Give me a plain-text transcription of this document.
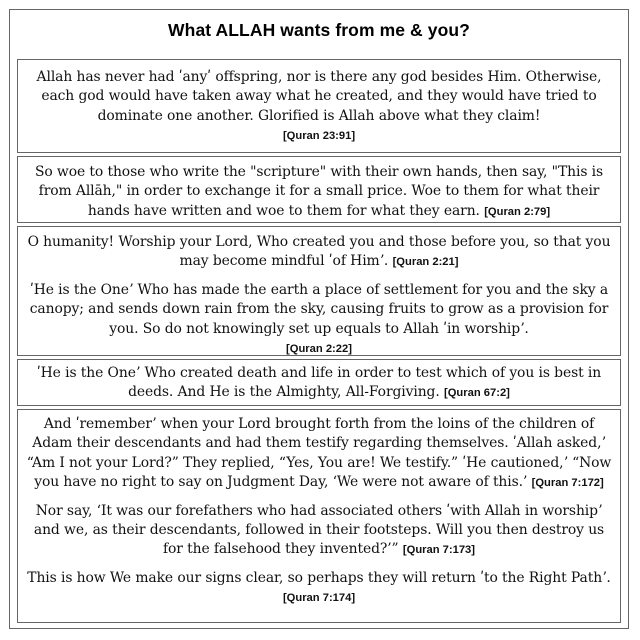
What ALLAH wants from me & you?

Allah has never had ʹanyʹ offspring, nor is there any god besides Him. Otherwise, each god would have taken away what he created, and they would have tried to dominate one another. Glorified is Allah above what they claim!
[Quran 23:91]

So woe to those who write the "scripture" with their own hands, then say, "This is from Allāh," in order to exchange it for a small price. Woe to them for what their hands have written and woe to them for what they earn. [Quran 2:79]

O humanity! Worship your Lord, Who created you and those before you, so that you may become mindful ʹof Himʼ. [Quran 2:21]

ʹHe is the Oneʼ Who has made the earth a place of settlement for you and the sky a canopy; and sends down rain from the sky, causing fruits to grow as a provision for you. So do not knowingly set up equals to Allah ʹin worshipʼ.
[Quran 2:22]

ʹHe is the Oneʼ Who created death and life in order to test which of you is best in deeds. And He is the Almighty, All-Forgiving. [Quran 67:2]

And ʹrememberʼ when your Lord brought forth from the loins of the children of Adam their descendants and had them testify regarding themselves. ʹAllah asked,ʼ “Am I not your Lord?” They replied, “Yes, You are! We testify.” ʹHe cautioned,ʼ “Now you have no right to say on Judgment Day, ‘We were not aware of this.’ [Quran 7:172]

Nor say, ‘It was our forefathers who had associated others ʹwith Allah in worshipʼ and we, as their descendants, followed in their footsteps. Will you then destroy us for the falsehood they invented?’” [Quran 7:173]

This is how We make our signs clear, so perhaps they will return ʹto the Right Pathʼ. [Quran 7:174]
